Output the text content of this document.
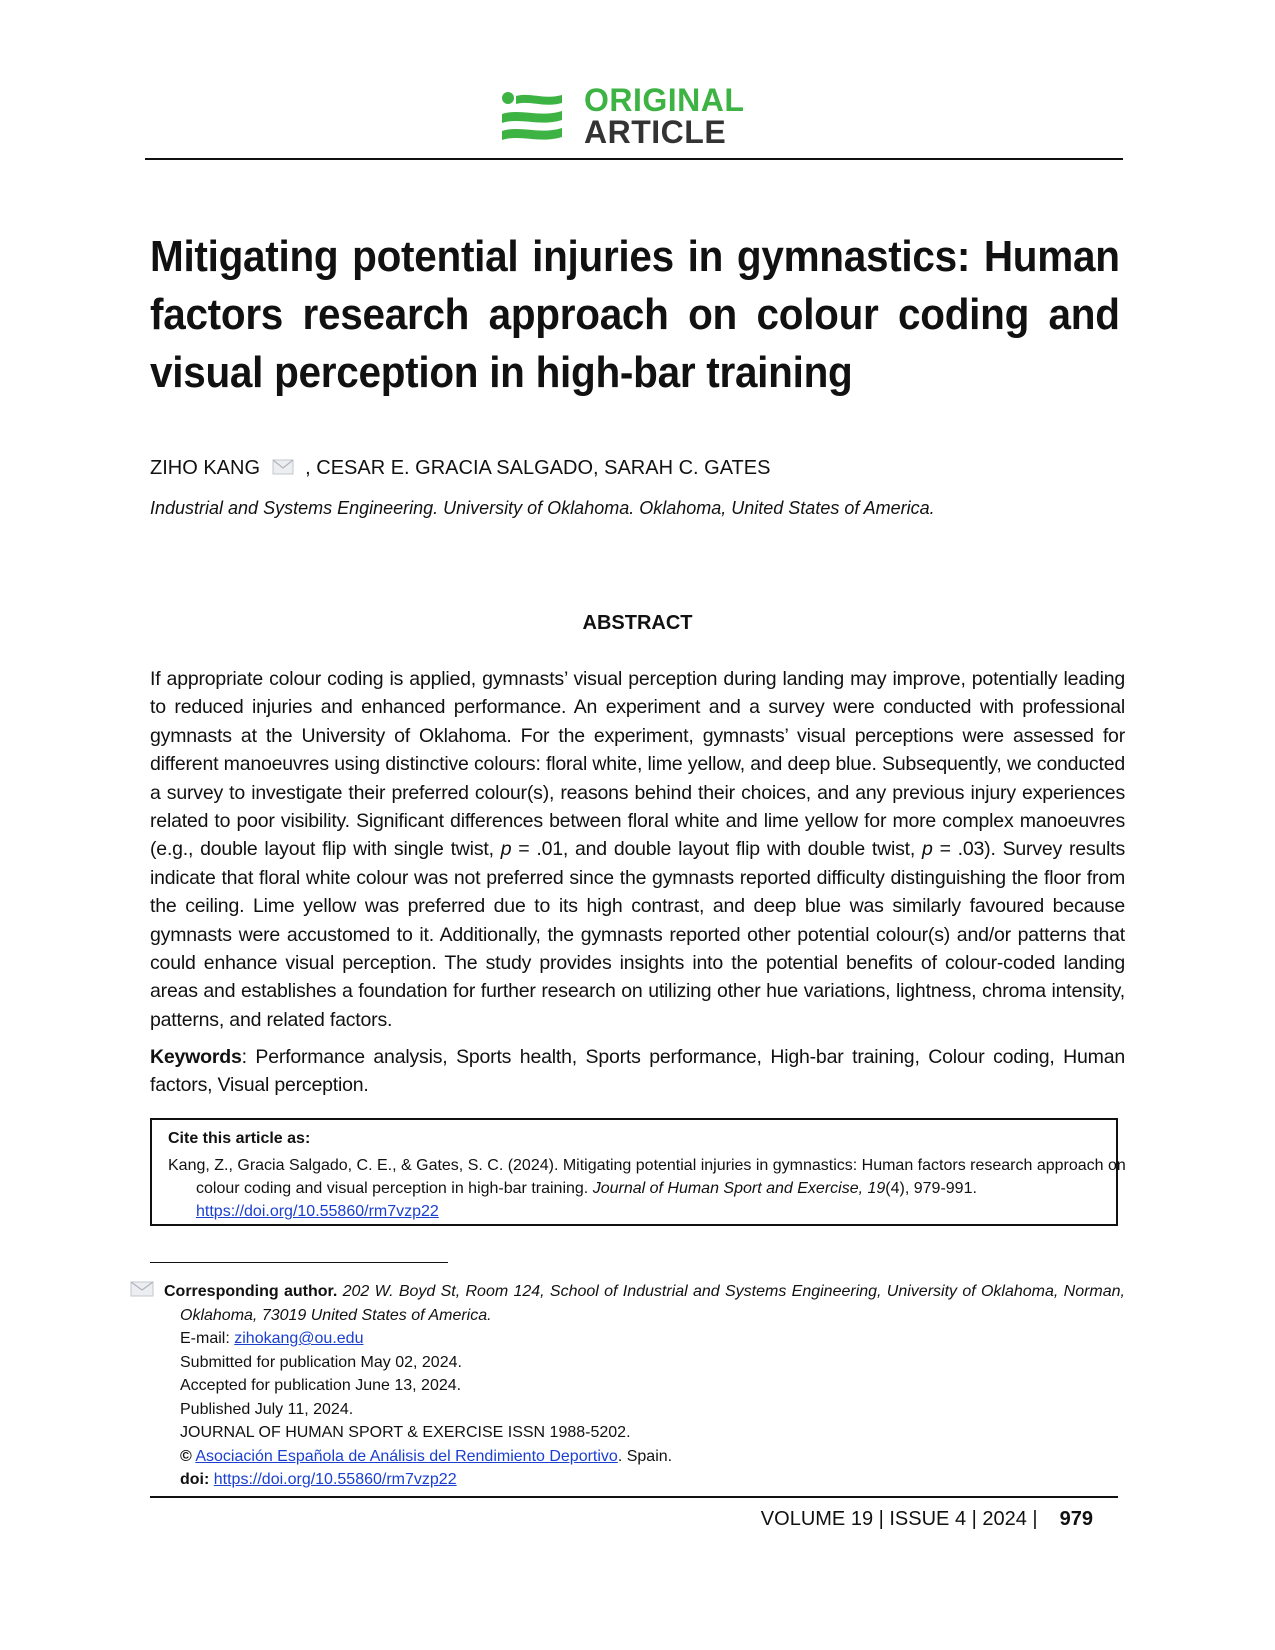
ORIGINAL
ARTICLE
Mitigating potential injuries in gymnastics: Human factors research approach on colour coding and visual perception in high-bar training
ZIHO KANG , CESAR E. GRACIA SALGADO, SARAH C. GATES
Industrial and Systems Engineering. University of Oklahoma. Oklahoma, United States of America.
ABSTRACT
If appropriate colour coding is applied, gymnasts’ visual perception during landing may improve, potentially leading to reduced injuries and enhanced performance. An experiment and a survey were conducted with professional gymnasts at the University of Oklahoma. For the experiment, gymnasts’ visual perceptions were assessed for different manoeuvres using distinctive colours: floral white, lime yellow, and deep blue. Subsequently, we conducted a survey to investigate their preferred colour(s), reasons behind their choices, and any previous injury experiences related to poor visibility. Significant differences between floral white and lime yellow for more complex manoeuvres (e.g., double layout flip with single twist, p = .01, and double layout flip with double twist, p = .03). Survey results indicate that floral white colour was not preferred since the gymnasts reported difficulty distinguishing the floor from the ceiling. Lime yellow was preferred due to its high contrast, and deep blue was similarly favoured because gymnasts were accustomed to it. Additionally, the gymnasts reported other potential colour(s) and/or patterns that could enhance visual perception. The study provides insights into the potential benefits of colour-coded landing areas and establishes a foundation for further research on utilizing other hue variations, lightness, chroma intensity, patterns, and related factors.
Keywords: Performance analysis, Sports health, Sports performance, High-bar training, Colour coding, Human factors, Visual perception.
Cite this article as:
Kang, Z., Gracia Salgado, C. E., & Gates, S. C. (2024). Mitigating potential injuries in gymnastics: Human factors research approach on colour coding and visual perception in high-bar training. Journal of Human Sport and Exercise, 19(4), 979-991. https://doi.org/10.55860/rm7vzp22
Corresponding author. 202 W. Boyd St, Room 124, School of Industrial and Systems Engineering, University of Oklahoma, Norman, Oklahoma, 73019 United States of America.
E-mail: zihokang@ou.edu
Submitted for publication May 02, 2024.
Accepted for publication June 13, 2024.
Published July 11, 2024.
JOURNAL OF HUMAN SPORT & EXERCISE ISSN 1988-5202.
© Asociación Española de Análisis del Rendimiento Deportivo. Spain.
doi: https://doi.org/10.55860/rm7vzp22
VOLUME 19 | ISSUE 4 | 2024 | 979
